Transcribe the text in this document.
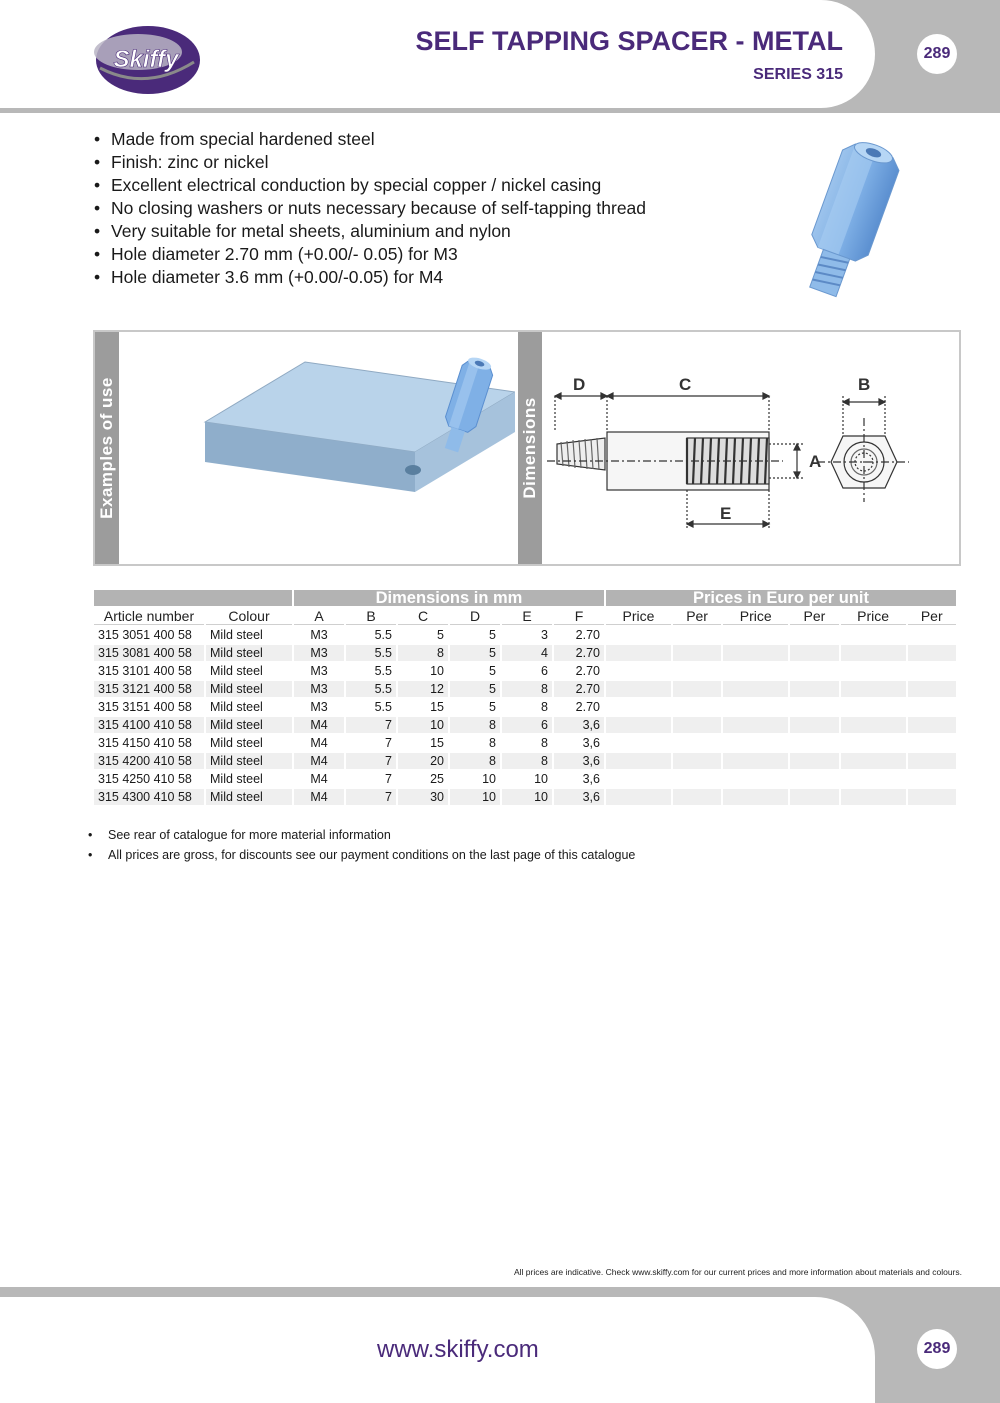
Skiffy
SELF TAPPING SPACER - METAL
SERIES 315
289
• Made from special hardened steel
• Finish: zinc or nickel
• Excellent electrical conduction by special copper / nickel casing
• No closing washers or nuts necessary because of self-tapping thread
• Very suitable for metal sheets, aluminium and nylon
• Hole diameter 2.70 mm (+0.00/- 0.05) for M3
• Hole diameter 3.6 mm (+0.00/-0.05) for M4
Examples of use	Dimensions
D	C	B
A
E
		Dimensions in mm						Prices in Euro per unit					
Article number	Colour	A	B	C	D	E	F	Price	Per	Price	Per	Price	Per
315 3051 400 58	Mild steel	M3	5.5	5	5	3	2.70						
315 3081 400 58	Mild steel	M3	5.5	8	5	4	2.70						
315 3101 400 58	Mild steel	M3	5.5	10	5	6	2.70						
315 3121 400 58	Mild steel	M3	5.5	12	5	8	2.70						
315 3151 400 58	Mild steel	M3	5.5	15	5	8	2.70						
315 4100 410 58	Mild steel	M4	7	10	8	6	3,6						
315 4150 410 58	Mild steel	M4	7	15	8	8	3,6						
315 4200 410 58	Mild steel	M4	7	20	8	8	3,6						
315 4250 410 58	Mild steel	M4	7	25	10	10	3,6						
315 4300 410 58	Mild steel	M4	7	30	10	10	3,6						
• See rear of catalogue for more material information
• All prices are gross, for discounts see our payment conditions on the last page of this catalogue
All prices are indicative. Check www.skiffy.com for our current prices and more information about materials and colours.
www.skiffy.com	289
